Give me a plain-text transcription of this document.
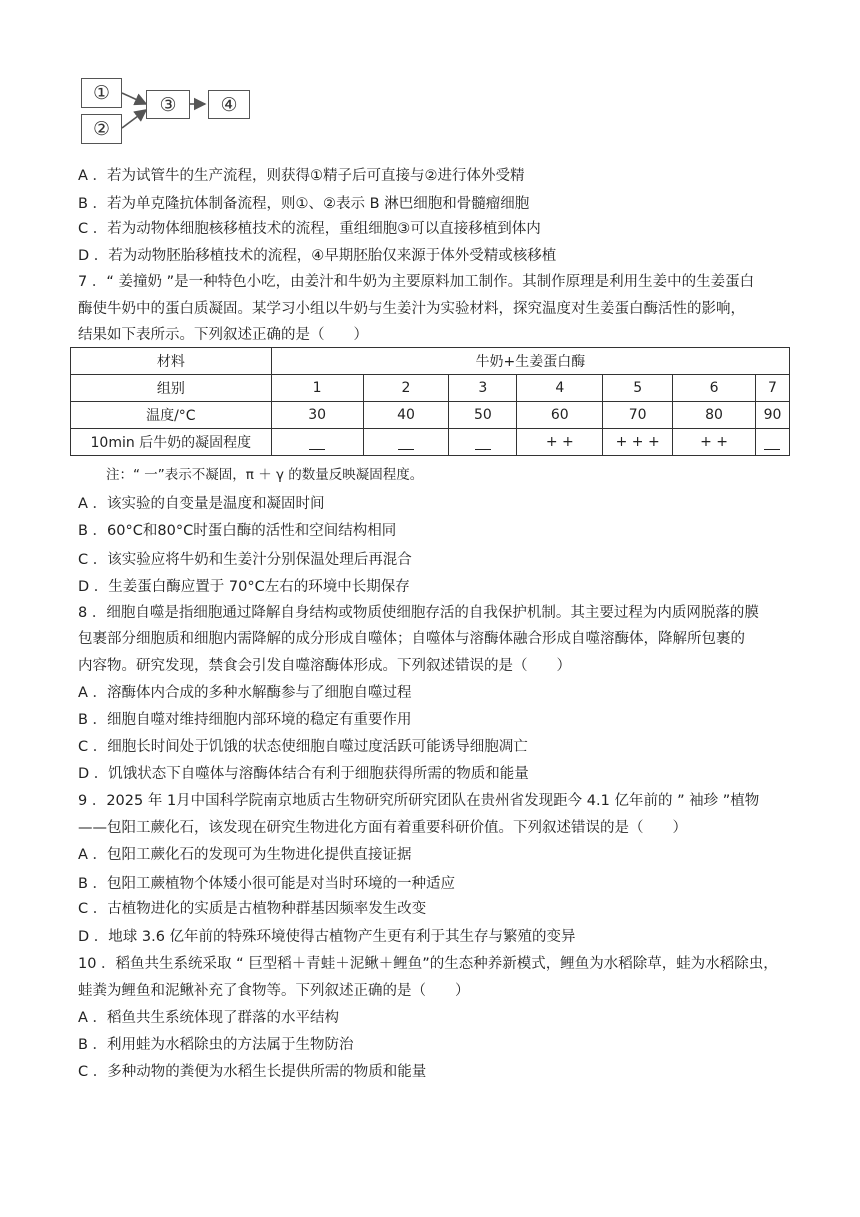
①
②
③	④
A ．若为试管牛的生产流程，则获得①精子后可直接与②进行体外受精
B ．若为单克隆抗体制备流程，则①、②表示 B 淋巴细胞和骨髓瘤细胞
C ．若为动物体细胞核移植技术的流程，重组细胞③可以直接移植到体内
D ．若为动物胚胎移植技术的流程，④早期胚胎仅来源于体外受精或核移植
7 ．“ 姜撞奶 ”是一种特色小吃，由姜汁和牛奶为主要原料加工制作。其制作原理是利用生姜中的生姜蛋白
酶使牛奶中的蛋白质凝固。某学习小组以牛奶与生姜汁为实验材料，探究温度对生姜蛋白酶活性的影响，
结果如下表所示。下列叙述正确的是（　　）
材料	牛奶+生姜蛋白酶						
组别	1	2	3	4	5	6	7
温度/°C	30	40	50	60	70	80	90
10min 后牛奶的凝固程度				+ +	+ + +	+ +	
注：“ 一”表示不凝固，π ＋ γ 的数量反映凝固程度。
A ．该实验的自变量是温度和凝固时间
B ．60°C和80°C时蛋白酶的活性和空间结构相同
C ．该实验应将牛奶和生姜汁分别保温处理后再混合
D ．生姜蛋白酶应置于 70°C左右的环境中长期保存
8 ．细胞自噬是指细胞通过降解自身结构或物质使细胞存活的自我保护机制。其主要过程为内质网脱落的膜
包裹部分细胞质和细胞内需降解的成分形成自噬体；自噬体与溶酶体融合形成自噬溶酶体，降解所包裹的
内容物。研究发现，禁食会引发自噬溶酶体形成。下列叙述错误的是（　　）
A ．溶酶体内合成的多种水解酶参与了细胞自噬过程
B ．细胞自噬对维持细胞内部环境的稳定有重要作用
C ．细胞长时间处于饥饿的状态使细胞自噬过度活跃可能诱导细胞凋亡
D ．饥饿状态下自噬体与溶酶体结合有利于细胞获得所需的物质和能量
9 ．2025 年 1月中国科学院南京地质古生物研究所研究团队在贵州省发现距今 4.1 亿年前的 ” 袖珍 ”植物
——包阳工蕨化石，该发现在研究生物进化方面有着重要科研价值。下列叙述错误的是（　　）
A ．包阳工蕨化石的发现可为生物进化提供直接证据
B ．包阳工蕨植物个体矮小很可能是对当时环境的一种适应
C ．古植物进化的实质是古植物种群基因频率发生改变
D ．地球 3.6 亿年前的特殊环境使得古植物产生更有利于其生存与繁殖的变异
10 ．稻鱼共生系统采取 “ 巨型稻＋青蛙＋泥鳅＋鲤鱼”的生态种养新模式，鲤鱼为水稻除草，蛙为水稻除虫，
蛙粪为鲤鱼和泥鳅补充了食物等。下列叙述正确的是（　　）
A ．稻鱼共生系统体现了群落的水平结构
B ．利用蛙为水稻除虫的方法属于生物防治
C ．多种动物的粪便为水稻生长提供所需的物质和能量
